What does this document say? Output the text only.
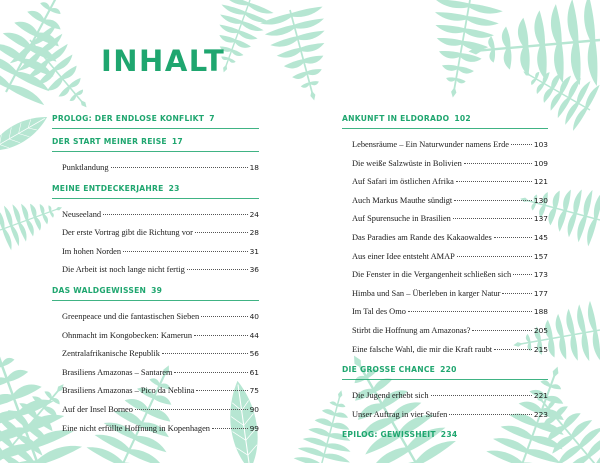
INHALT
PROLOG: DER ENDLOSE KONFLIKT 7
DER START MEINER REISE 17
Punktlandung	18
MEINE ENTDECKERJAHRE 23
Neuseeland	24
Der erste Vortrag gibt die Richtung vor	28
Im hohen Norden	31
Die Arbeit ist noch lange nicht fertig	36
DAS WALDGEWISSEN 39
Greenpeace und die fantastischen Sieben	40
Ohnmacht im Kongobecken: Kamerun	44
Zentralafrikanische Republik	56
Brasiliens Amazonas – Santarem	61
Brasiliens Amazonas – Pico da Neblina	75
Auf der Insel Borneo	90
Eine nicht erfüllte Hoffnung in Kopenhagen	99
ANKUNFT IN ELDORADO 102
Lebensräume – Ein Naturwunder namens Erde	103
Die weiße Salzwüste in Bolivien	109
Auf Safari im östlichen Afrika	121
Auch Markus Mauthe sündigt	130
Auf Spurensuche in Brasilien	137
Das Paradies am Rande des Kakaowaldes	145
Aus einer Idee entsteht AMAP	157
Die Fenster in die Vergangenheit schließen sich	173
Himba und San – Überleben in karger Natur	177
Im Tal des Omo	188
Stirbt die Hoffnung am Amazonas?	205
Eine falsche Wahl, die mir die Kraft raubt	215
DIE GROSSE CHANCE 220
Die Jugend erhebt sich	221
Unser Auftrag in vier Stufen	223
EPILOG: GEWISSHEIT 234
